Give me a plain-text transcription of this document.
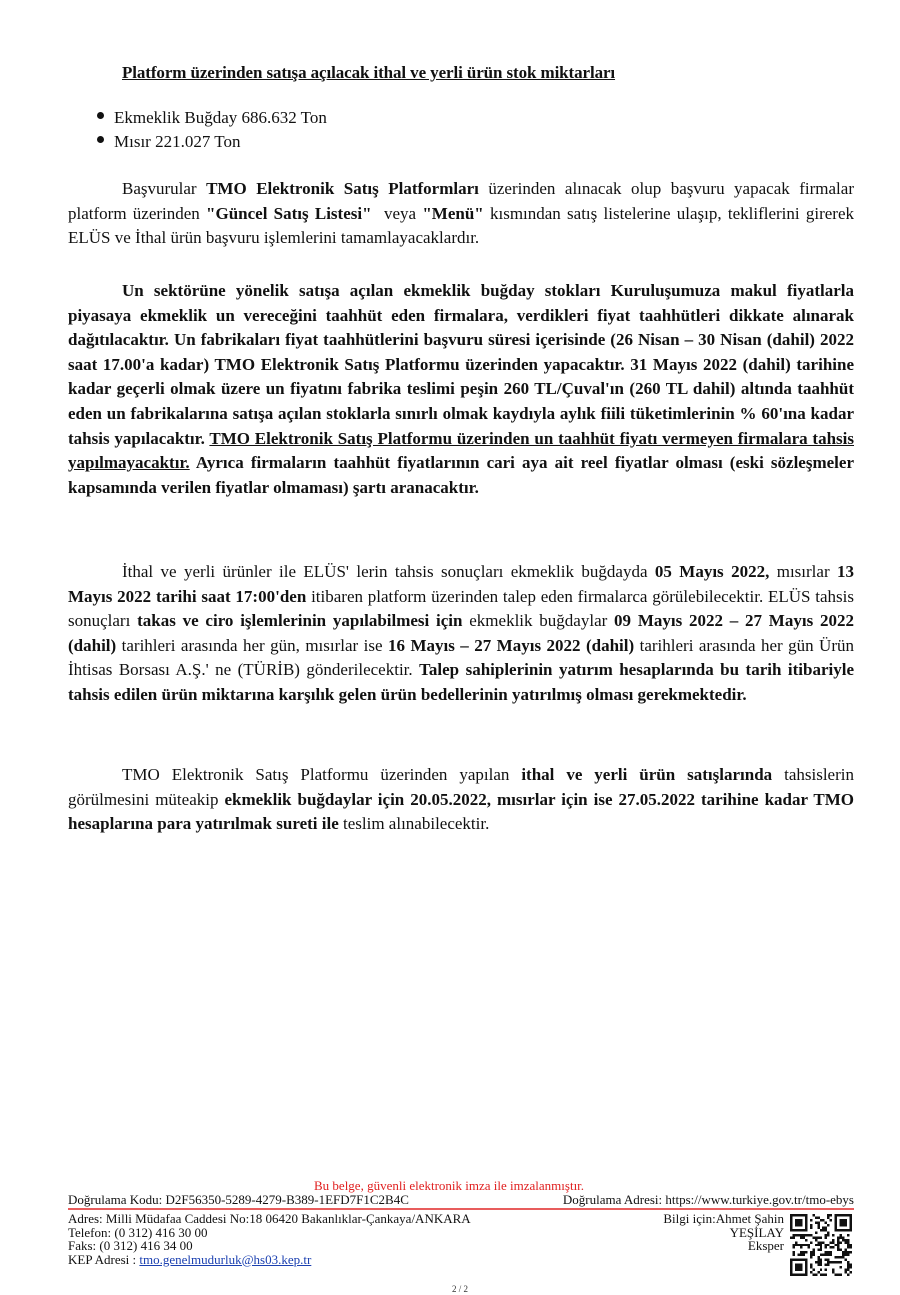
Platform üzerinden satışa açılacak ithal ve yerli ürün stok miktarları
Ekmeklik Buğday 686.632 Ton
Mısır 221.027 Ton

Başvurular TMO Elektronik Satış Platformları üzerinden alınacak olup başvuru yapacak firmalar platform üzerinden "Güncel Satış Listesi"  veya "Menü" kısmından satış listelerine ulaşıp, tekliflerini girerek ELÜS ve İthal ürün başvuru işlemlerini tamamlayacaklardır.

Un sektörüne yönelik satışa açılan ekmeklik buğday stokları Kuruluşumuza makul fiyatlarla piyasaya ekmeklik un vereceğini taahhüt eden firmalara, verdikleri fiyat taahhütleri dikkate alınarak dağıtılacaktır. Un fabrikaları fiyat taahhütlerini başvuru süresi içerisinde (26 Nisan – 30 Nisan (dahil) 2022 saat 17.00'a kadar) TMO Elektronik Satış Platformu üzerinden yapacaktır. 31 Mayıs 2022 (dahil) tarihine kadar geçerli olmak üzere un fiyatını fabrika teslimi peşin 260 TL/Çuval'ın (260 TL dahil) altında taahhüt eden un fabrikalarına satışa açılan stoklarla sınırlı olmak kaydıyla aylık fiili tüketimlerinin % 60'ına kadar tahsis yapılacaktır. TMO Elektronik Satış Platformu üzerinden un taahhüt fiyatı vermeyen firmalara tahsis yapılmayacaktır. Ayrıca firmaların taahhüt fiyatlarının cari aya ait reel fiyatlar olması (eski sözleşmeler kapsamında verilen fiyatlar olmaması) şartı aranacaktır.

İthal ve yerli ürünler ile ELÜS' lerin tahsis sonuçları ekmeklik buğdayda 05 Mayıs 2022, mısırlar 13 Mayıs 2022 tarihi saat 17:00'den itibaren platform üzerinden talep eden firmalarca görülebilecektir. ELÜS tahsis sonuçları takas ve ciro işlemlerinin yapılabilmesi için ekmeklik buğdaylar 09 Mayıs 2022 – 27 Mayıs 2022 (dahil) tarihleri arasında her gün, mısırlar ise 16 Mayıs – 27 Mayıs 2022 (dahil) tarihleri arasında her gün Ürün İhtisas Borsası A.Ş.' ne (TÜRİB) gönderilecektir. Talep sahiplerinin yatırım hesaplarında bu tarih itibariyle tahsis edilen ürün miktarına karşılık gelen ürün bedellerinin yatırılmış olması gerekmektedir.

TMO Elektronik Satış Platformu üzerinden yapılan ithal ve yerli ürün satışlarında tahsislerin görülmesini müteakip ekmeklik buğdaylar için 20.05.2022, mısırlar için ise 27.05.2022 tarihine kadar TMO hesaplarına para yatırılmak sureti ile teslim alınabilecektir.

Bu belge, güvenli elektronik imza ile imzalanmıştır.
Doğrulama Kodu: D2F56350-5289-4279-B389-1EFD7F1C2B4C	Doğrulama Adresi: https://www.turkiye.gov.tr/tmo-ebys
Adres: Milli Müdafaa Caddesi No:18 06420 Bakanlıklar-Çankaya/ANKARA
Telefon: (0 312) 416 30 00
Faks: (0 312) 416 34 00
KEP Adresi : tmo.genelmudurluk@hs03.kep.tr
Bilgi için:Ahmet Şahin
YEŞİLAY
Eksper
2 / 2
